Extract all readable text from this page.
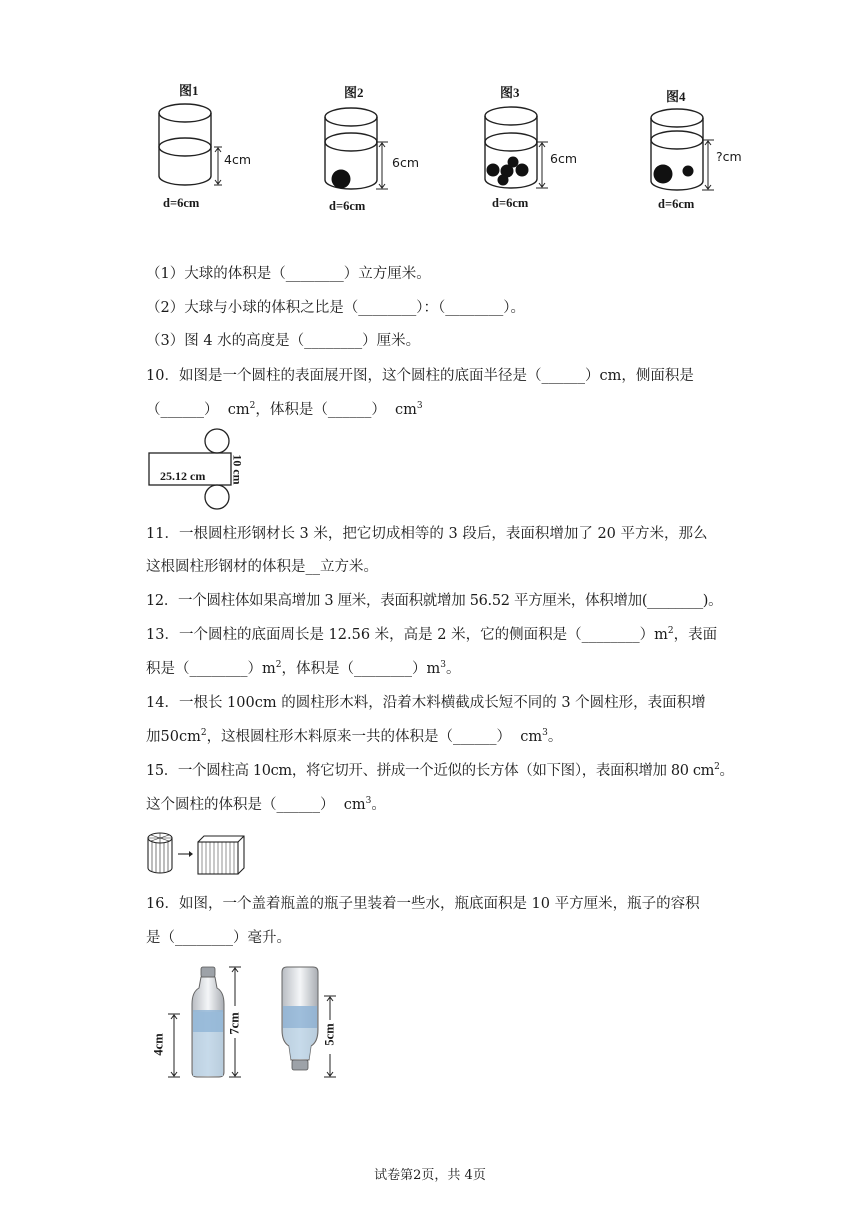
图1
4cm
d=6cm
图2
6cm
d=6cm
图3
6cm
d=6cm
图4
?cm
d=6cm
（1）大球的体积是（________）立方厘米。
（2）大球与小球的体积之比是（________）：（________）。
（3）图 4 水的高度是（________）厘米。
10．如图是一个圆柱的表面展开图，这个圆柱的底面半径是（______）cm，侧面积是
（______）  $cm^2$，体积是（______）  $cm^3$
25.12 cm 10 cm
11．一根圆柱形钢材长 3 米，把它切成相等的 3 段后，表面积增加了 20 平方米，那么
这根圆柱形钢材的体积是__立方米。
12．一个圆柱体如果高增加 3 厘米，表面积就增加 56.52 平方厘米，体积增加(________)。
13．一个圆柱的底面周长是 12.56 米，高是 2 米，它的侧面积是$(\_\_\_\_\_\_\_\_)m^2$，表面
积是$(\_\_\_\_\_\_\_\_)m^2$，体积是$(\_\_\_\_\_\_\_\_)m^3$。
14．一根长 100cm 的圆柱形木料，沿着木料横截成长短不同的 3 个圆柱形，表面积增
加$50cm^2$，这根圆柱形木料原来一共的体积是（______）  $cm^3$。
15．一个圆柱高 10cm，将它切开、拼成一个近似的长方体（如下图），表面积增加 80 $cm^2$。
这个圆柱的体积是（______）  $cm^3$。
16．如图，一个盖着瓶盖的瓶子里装着一些水，瓶底面积是 10 平方厘米，瓶子的容积
是（________）毫升。
4cm
7cm	5cm
试卷第2页，共 4页
